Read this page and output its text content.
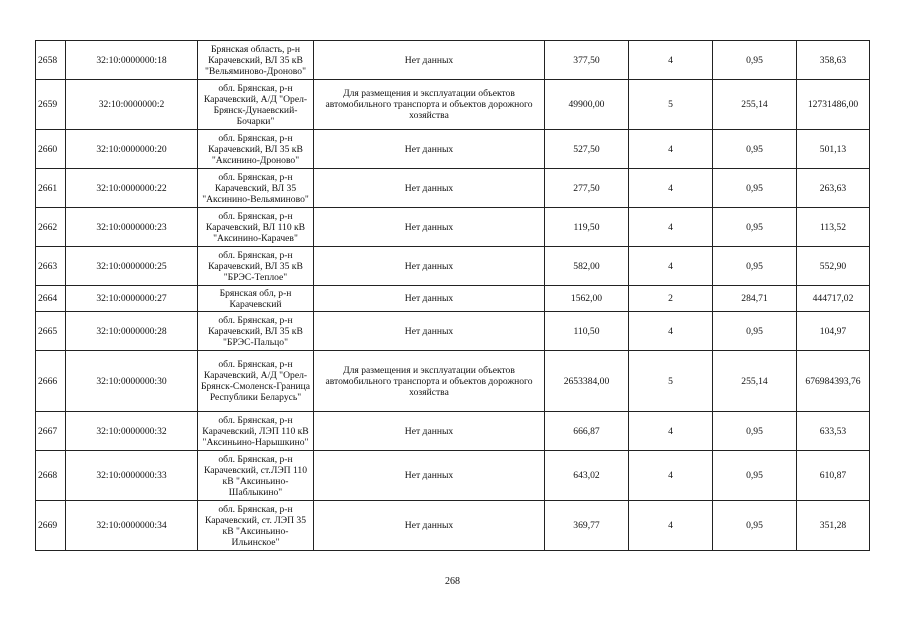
2658	32:10:0000000:18	Брянская область, р-н Карачевский, ВЛ 35 кВ "Вельяминово-Дроново"	Нет данных	377,50	4	0,95	358,63
2659	32:10:0000000:2	обл. Брянская, р-н Карачевский, А/Д "Орел-Брянск-Дунаевский-Бочарки"	Для размещения и эксплуатации объектов автомобильного транспорта и объектов дорожного хозяйства	49900,00	5	255,14	12731486,00
2660	32:10:0000000:20	обл. Брянская, р-н Карачевский, ВЛ 35 кВ "Аксинино-Дроново"	Нет данных	527,50	4	0,95	501,13
2661	32:10:0000000:22	обл. Брянская, р-н Карачевский, ВЛ 35 "Аксинино-Вельяминово"	Нет данных	277,50	4	0,95	263,63
2662	32:10:0000000:23	обл. Брянская, р-н Карачевский, ВЛ 110 кВ "Аксинино-Карачев"	Нет данных	119,50	4	0,95	113,52
2663	32:10:0000000:25	обл. Брянская, р-н Карачевский, ВЛ 35 кВ "БРЭС-Теплое"	Нет данных	582,00	4	0,95	552,90
2664	32:10:0000000:27	Брянская обл, р-н Карачевский	Нет данных	1562,00	2	284,71	444717,02
2665	32:10:0000000:28	обл. Брянская, р-н Карачевский, ВЛ 35 кВ "БРЭС-Пальцо"	Нет данных	110,50	4	0,95	104,97
2666	32:10:0000000:30	обл. Брянская, р-н Карачевский, А/Д "Орел-Брянск-Смоленск-Граница Республики Беларусь"	Для размещения и эксплуатации объектов автомобильного транспорта и объектов дорожного хозяйства	2653384,00	5	255,14	676984393,76
2667	32:10:0000000:32	обл. Брянская, р-н Карачевский, ЛЭП 110 кВ "Аксиньино-Нарышкино"	Нет данных	666,87	4	0,95	633,53
2668	32:10:0000000:33	обл. Брянская, р-н Карачевский, ст.ЛЭП 110 кВ "Аксиньино-Шаблыкино"	Нет данных	643,02	4	0,95	610,87
2669	32:10:0000000:34	обл. Брянская, р-н Карачевский, ст. ЛЭП 35 кВ "Аксиньино-Ильинское"	Нет данных	369,77	4	0,95	351,28
268
